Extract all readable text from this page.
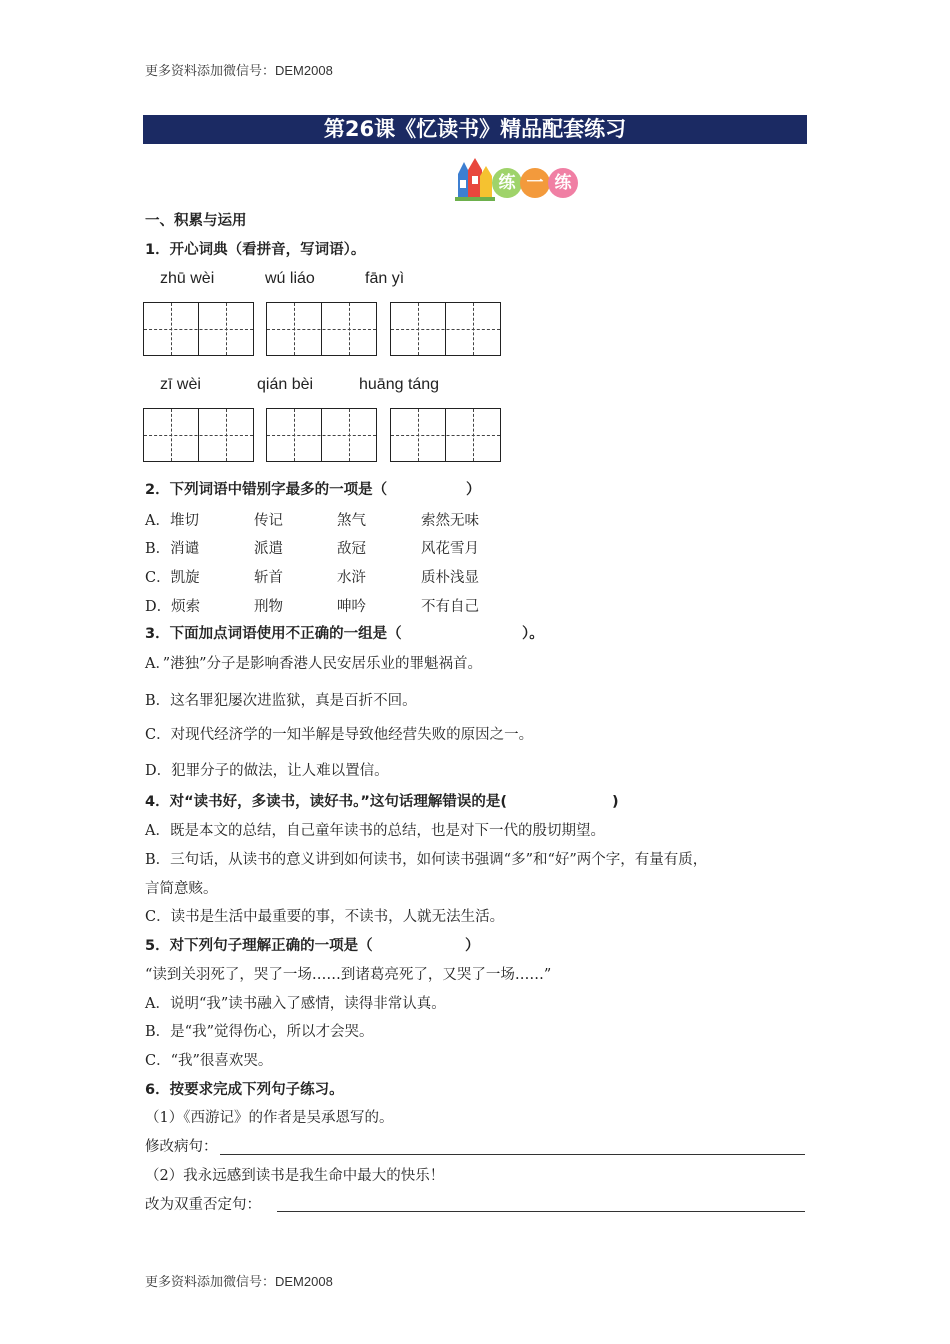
更多资料添加微信号：DEM2008
第26课《忆读书》精品配套练习
练 一 练
一、积累与运用
1．开心词典（看拼音，写词语）。
zhū wèi	wú liáo	fān yì
zī wèi	qián bèi	huāng táng
2．下列词语中错别字最多的一项是（	）
A．堆切	传记	煞气	索然无味
B．消谴	派遣	敌冠	风花雪月
C．凯旋	斩首	水浒	质朴浅显
D．烦索	刑物	呻吟	不有自己
3．下面加点词语使用不正确的一组是（	）。
A．”港独”分子是影响香港人民安居乐业的罪魁祸首。
B．这名罪犯屡次进监狱，真是百折不回。
C．对现代经济学的一知半解是导致他经营失败的原因之一。
D．犯罪分子的做法，让人难以置信。
4．对“读书好，多读书，读好书。”这句话理解错误的是(	)
A．既是本文的总结，自己童年读书的总结，也是对下一代的殷切期望。
B．三句话，从读书的意义讲到如何读书，如何读书强调“多”和“好”两个字，有量有质，
言简意赅。
C．读书是生活中最重要的事，不读书，人就无法生活。
5．对下列句子理解正确的一项是（	）
“读到关羽死了，哭了一场……到诸葛亮死了，又哭了一场……”
A．说明“我”读书融入了感情，读得非常认真。
B．是“我”觉得伤心，所以才会哭。
C．“我”很喜欢哭。
6．按要求完成下列句子练习。
（1）《西游记》的作者是吴承恩写的。
修改病句：
（2）我永远感到读书是我生命中最大的快乐！
改为双重否定句：
更多资料添加微信号：DEM2008
